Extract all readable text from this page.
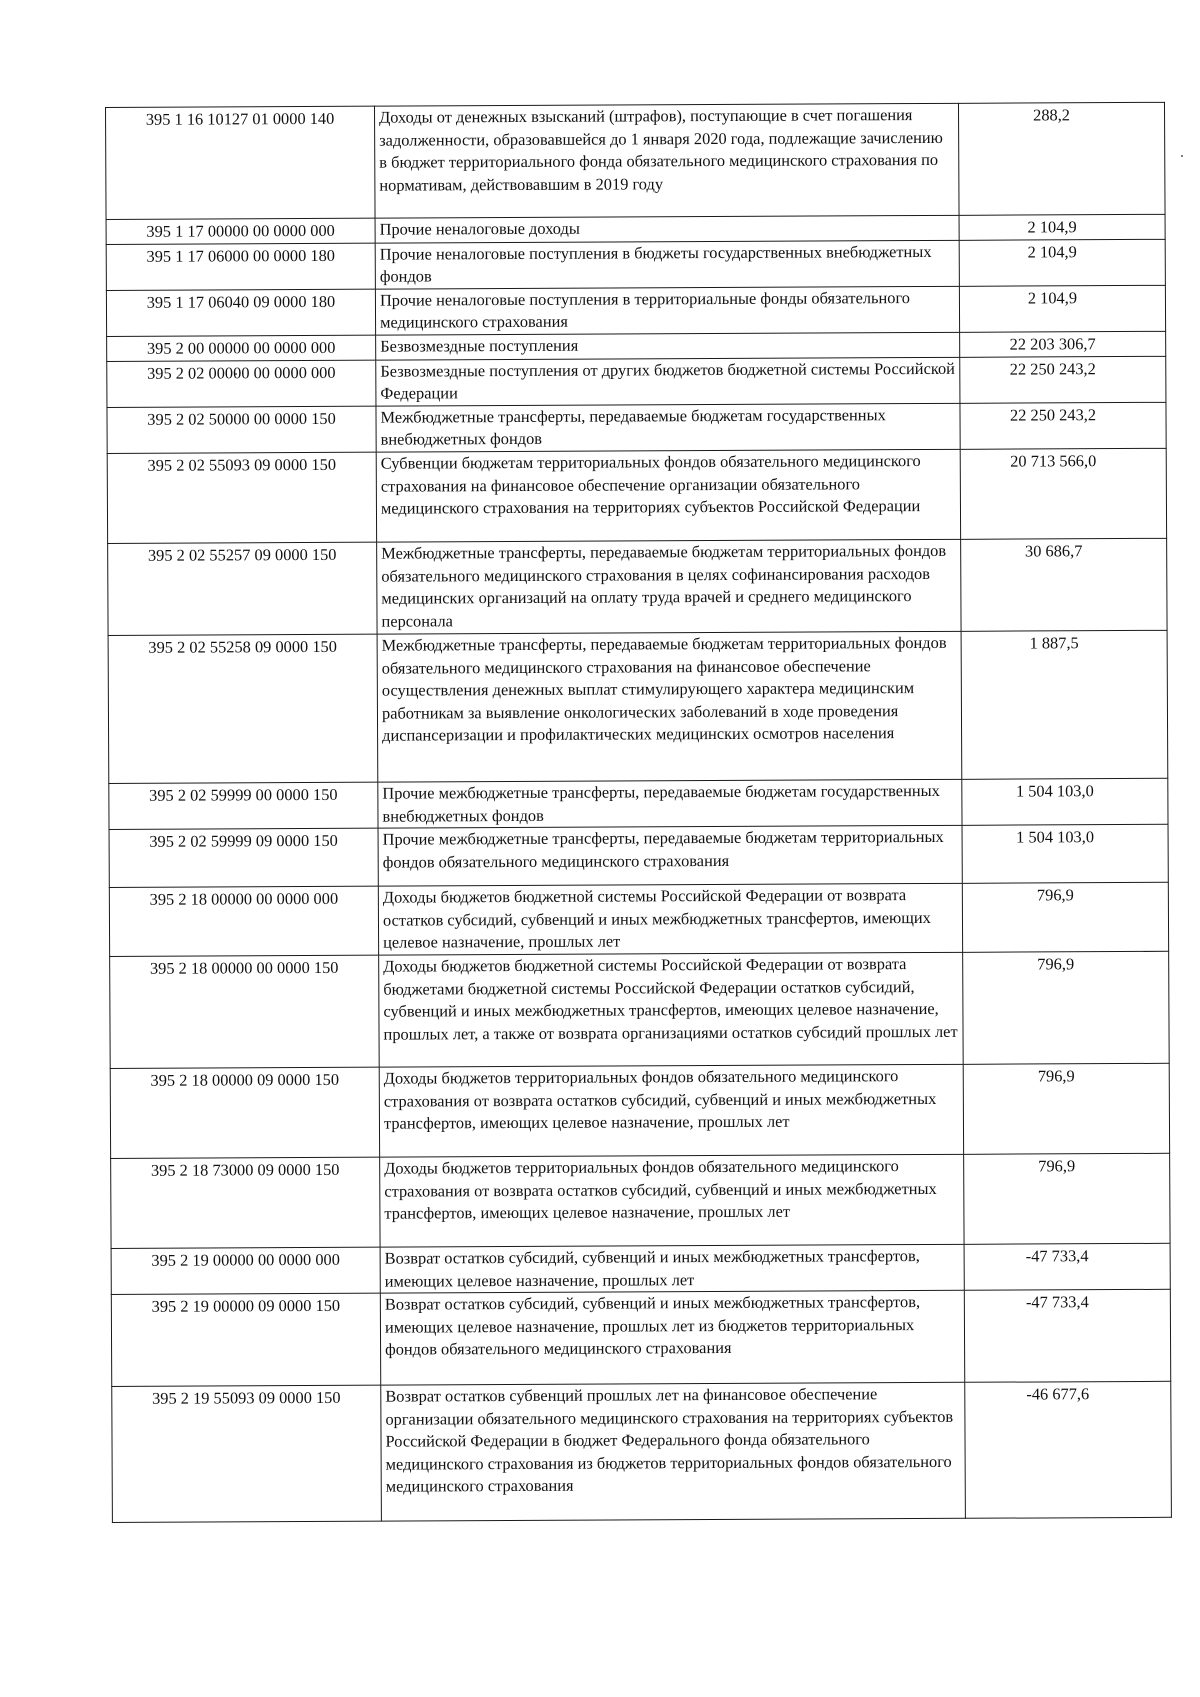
395 1 16 10127 01 0000 140	Доходы от денежных взысканий (штрафов), поступающие в счет погашения задолженности, образовавшейся до 1 января 2020 года, подлежащие зачислению в бюджет территориального фонда обязательного медицинского страхования по нормативам, действовавшим в 2019 году	288,2
395 1 17 00000 00 0000 000	Прочие неналоговые доходы	2 104,9
395 1 17 06000 00 0000 180	Прочие неналоговые поступления в бюджеты государственных внебюджетных фондов	2 104,9
395 1 17 06040 09 0000 180	Прочие неналоговые поступления в территориальные фонды обязательного медицинского страхования	2 104,9
395 2 00 00000 00 0000 000	Безвозмездные поступления	22 203 306,7
395 2 02 00000 00 0000 000	Безвозмездные поступления от других бюджетов бюджетной системы Российской Федерации	22 250 243,2
395 2 02 50000 00 0000 150	Межбюджетные трансферты, передаваемые бюджетам государственных внебюджетных фондов	22 250 243,2
395 2 02 55093 09 0000 150	Субвенции бюджетам территориальных фондов обязательного медицинского страхования на финансовое обеспечение организации обязательного медицинского страхования на территориях субъектов Российской Федерации	20 713 566,0
395 2 02 55257 09 0000 150	Межбюджетные трансферты, передаваемые бюджетам территориальных фондов обязательного медицинского страхования в целях софинансирования расходов медицинских организаций на оплату труда врачей и среднего медицинского персонала	30 686,7
395 2 02 55258 09 0000 150	Межбюджетные трансферты, передаваемые бюджетам территориальных фондов обязательного медицинского страхования на финансовое обеспечение осуществления денежных выплат стимулирующего характера медицинским работникам за выявление онкологических заболеваний в ходе проведения диспансеризации и профилактических медицинских осмотров населения	1 887,5
395 2 02 59999 00 0000 150	Прочие межбюджетные трансферты, передаваемые бюджетам государственных внебюджетных фондов	1 504 103,0
395 2 02 59999 09 0000 150	Прочие межбюджетные трансферты, передаваемые бюджетам территориальных фондов обязательного медицинского страхования	1 504 103,0
395 2 18 00000 00 0000 000	Доходы бюджетов бюджетной системы Российской Федерации от возврата остатков субсидий, субвенций и иных межбюджетных трансфертов, имеющих целевое назначение, прошлых лет	796,9
395 2 18 00000 00 0000 150	Доходы бюджетов бюджетной системы Российской Федерации от возврата бюджетами бюджетной системы Российской Федерации остатков субсидий, субвенций и иных межбюджетных трансфертов, имеющих целевое назначение, прошлых лет, а также от возврата организациями остатков субсидий прошлых лет	796,9
395 2 18 00000 09 0000 150	Доходы бюджетов территориальных фондов обязательного медицинского страхования от возврата остатков субсидий, субвенций и иных межбюджетных трансфертов, имеющих целевое назначение, прошлых лет	796,9
395 2 18 73000 09 0000 150	Доходы бюджетов территориальных фондов обязательного медицинского страхования от возврата остатков субсидий, субвенций и иных межбюджетных трансфертов, имеющих целевое назначение, прошлых лет	796,9
395 2 19 00000 00 0000 000	Возврат остатков субсидий, субвенций и иных межбюджетных трансфертов, имеющих целевое назначение, прошлых лет	-47 733,4
395 2 19 00000 09 0000 150	Возврат остатков субсидий, субвенций и иных межбюджетных трансфертов, имеющих целевое назначение, прошлых лет из бюджетов территориальных фондов обязательного медицинского страхования	-47 733,4
395 2 19 55093 09 0000 150	Возврат остатков субвенций прошлых лет на финансовое обеспечение организации обязательного медицинского страхования на территориях субъектов Российской Федерации в бюджет Федерального фонда обязательного медицинского страхования из бюджетов территориальных фондов обязательного медицинского страхования	-46 677,6
